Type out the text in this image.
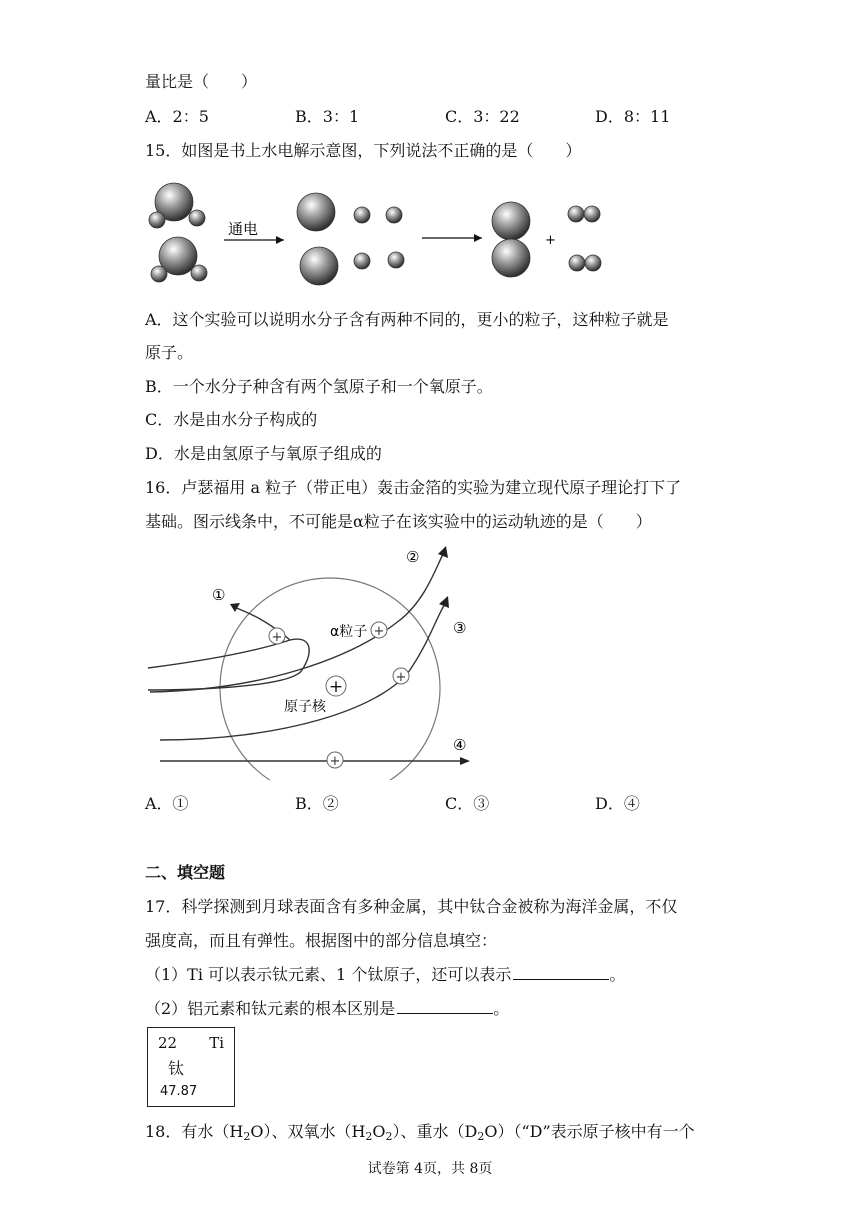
量比是（　　）
A．2：5	B．3：1	C．3：22	D．8：11
15．如图是书上水电解示意图，下列说法不正确的是（　　）
通电
+
A．这个实验可以说明水分子含有两种不同的，更小的粒子，这种粒子就是
原子。
B．一个水分子种含有两个氢原子和一个氧原子。
C．水是由水分子构成的
D．水是由氢原子与氧原子组成的
16．卢瑟福用 a 粒子（带正电）轰击金箔的实验为建立现代原子理论打下了
基础。图示线条中，不可能是α粒子在该实验中的运动轨迹的是（　　）
+	+
+
+
+
α粒子
原子核
①
②
③
④
A．①	B．②	C．③	D．④
二、填空题
17．科学探测到月球表面含有多种金属，其中钛合金被称为海洋金属，不仅
强度高，而且有弹性。根据图中的部分信息填空：
（1）Ti 可以表示钛元素、1 个钛原子，还可以表示	。
（2）铝元素和钛元素的根本区别是	。
22 Ti
钛
47.87
18．有水$(H_2O)$、双氧水$(H_2O_2)$、重水$(D_2O)(“D$”表示原子核中有一个
试卷第 4页，共 8页
